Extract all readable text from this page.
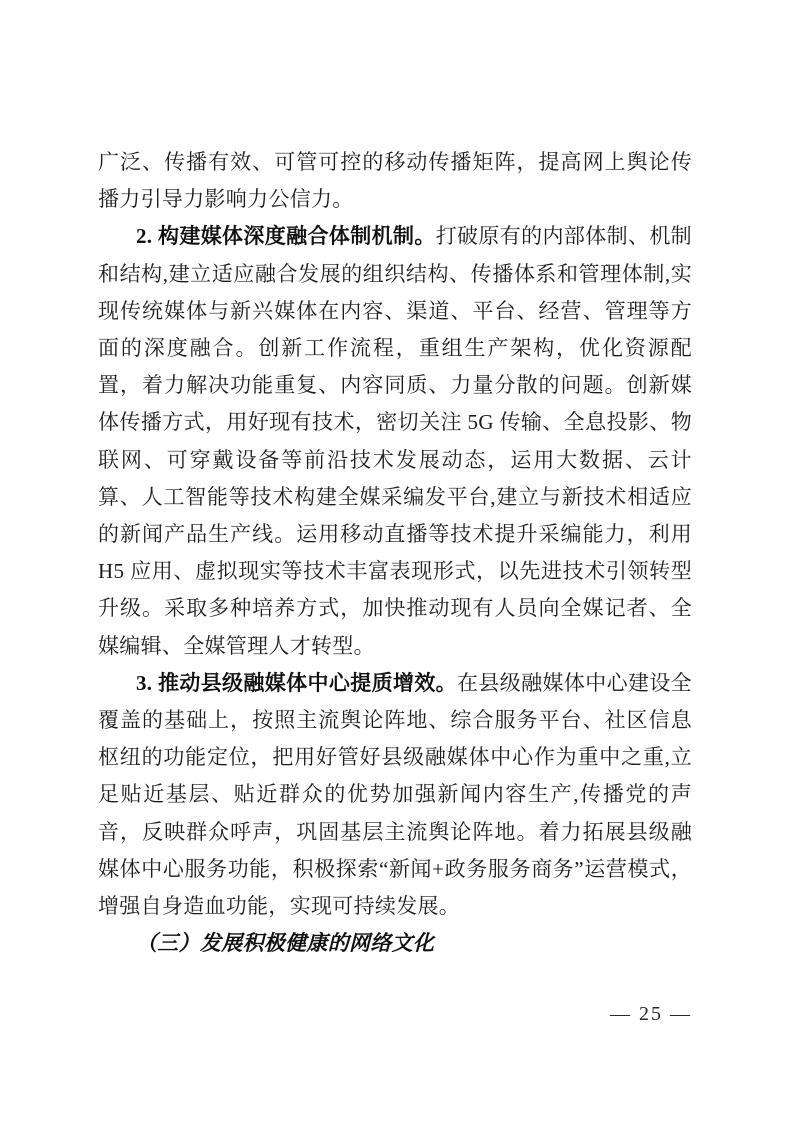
广泛、传播有效、可管可控的移动传播矩阵，提高网上舆论传播力引导力影响力公信力。

2. 构建媒体深度融合体制机制。打破原有的内部体制、机制和结构,建立适应融合发展的组织结构、传播体系和管理体制,实现传统媒体与新兴媒体在内容、渠道、平台、经营、管理等方面的深度融合。创新工作流程，重组生产架构，优化资源配置，着力解决功能重复、内容同质、力量分散的问题。创新媒体传播方式，用好现有技术，密切关注 5G 传输、全息投影、物联网、可穿戴设备等前沿技术发展动态，运用大数据、云计算、人工智能等技术构建全媒采编发平台,建立与新技术相适应的新闻产品生产线。运用移动直播等技术提升采编能力，利用 H5 应用、虚拟现实等技术丰富表现形式，以先进技术引领转型升级。采取多种培养方式，加快推动现有人员向全媒记者、全媒编辑、全媒管理人才转型。

3. 推动县级融媒体中心提质增效。在县级融媒体中心建设全覆盖的基础上，按照主流舆论阵地、综合服务平台、社区信息枢纽的功能定位，把用好管好县级融媒体中心作为重中之重,立足贴近基层、贴近群众的优势加强新闻内容生产,传播党的声音，反映群众呼声，巩固基层主流舆论阵地。着力拓展县级融媒体中心服务功能，积极探索“新闻+政务服务商务”运营模式，增强自身造血功能，实现可持续发展。

（三）发展积极健康的网络文化

— 25 —
